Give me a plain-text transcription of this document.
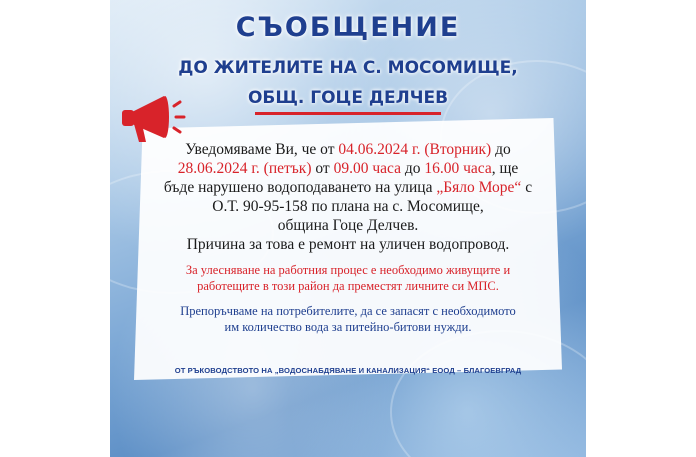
СЪОБЩЕНИЕ
ДО ЖИТЕЛИТЕ НА С. МОСОМИЩЕ,
ОБЩ. ГОЦЕ ДЕЛЧЕВ
Уведомяваме Ви, че от 04.06.2024 г. (Вторник) до
28.06.2024 г. (петък) от 09.00 часа до 16.00 часа, ще
бъде нарушено водоподаването на улица „Бяло Море“ с
О.Т. 90-95-158 по плана на с. Мосомище,
община Гоце Делчев.
Причина за това е ремонт на уличен водопровод.
За улесняване на работния процес е необходимо живущите и
работещите в този район да преместят личните си МПС.
Препоръчваме на потребителите, да се запасят с необходимото
им количество вода за питейно-битови нужди.
ОТ РЪКОВОДСТВОТО НА „ВОДОСНАБДЯВАНЕ И КАНАЛИЗАЦИЯ“ ЕООД – БЛАГОЕВГРАД
